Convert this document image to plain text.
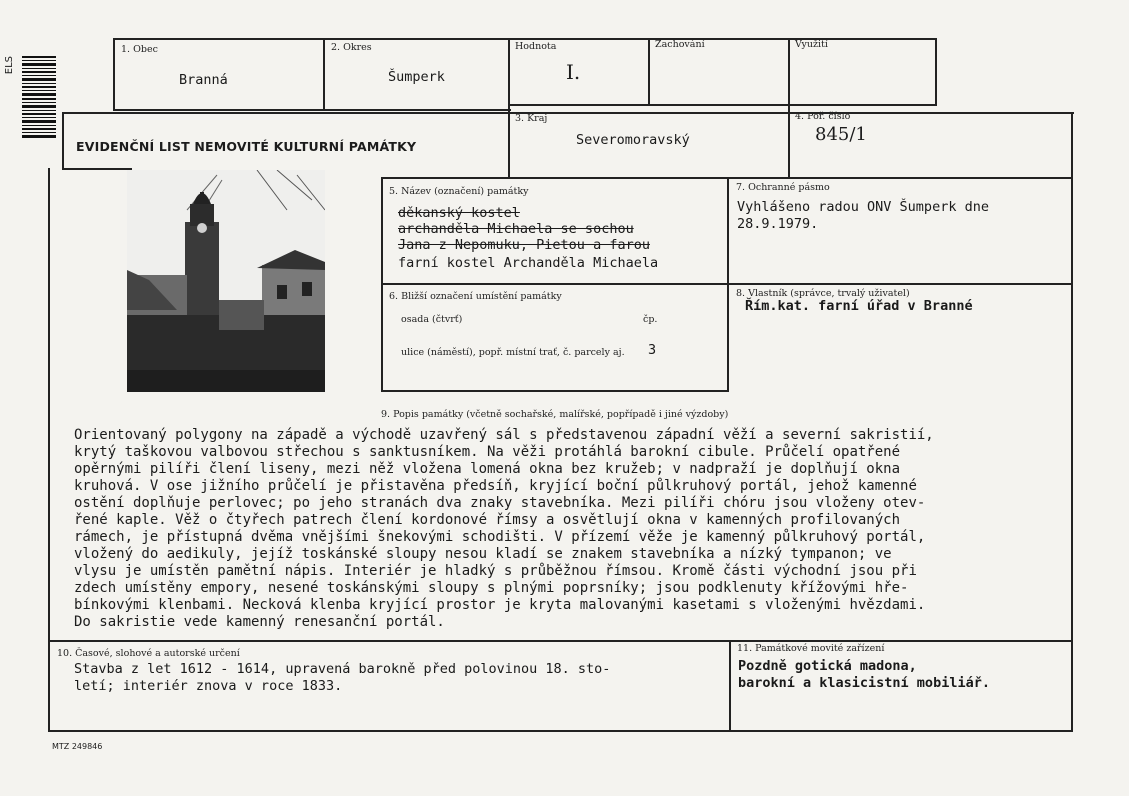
ELS
1. Obec
Branná
2. Okres
Šumperk
Hodnota
I.
Zachování	Využití
EVIDENČNÍ LIST NEMOVITÉ KULTURNÍ PAMÁTKY
3. Kraj
Severomoravský
4. Poř. číslo
845/1
5. Název (označení) památky
děkanský kostel
archanděla Michaela se sochou
Jana z Nepomuku, Pietou a farou
farní kostel Archanděla Michaela
7. Ochranné pásmo
Vyhlášeno radou ONV Šumperk dne
28.9.1979.
6. Bližší označení umístění památky
osada (čtvrť)	čp.
ulice (náměstí), popř. místní trať, č. parcely aj. 3
8. Vlastník (správce, trvalý uživatel)
Řím.kat. farní úřad v Branné
9. Popis památky (včetně sochařské, malířské, popřípadě i jiné výzdoby)
Orientovaný polygony na západě a východě uzavřený sál s představenou západní věží a severní sakristií,
krytý taškovou valbovou střechou s sanktusníkem. Na věži protáhlá barokní cibule. Průčelí opatřené
opěrnými pilíři člení liseny, mezi něž vložena lomená okna bez kružeb; v nadpraží je doplňují okna
kruhová. V ose jižního průčelí je přistavěna předsíň, kryjící boční půlkruhový portál, jehož kamenné
ostění doplňuje perlovec; po jeho stranách dva znaky stavebníka. Mezi pilíři chóru jsou vloženy otev-
řené kaple. Věž o čtyřech patrech člení kordonové římsy a osvětlují okna v kamenných profilovaných
rámech, je přístupná dvěma vnějšími šnekovými schodišti. V přízemí věže je kamenný půlkruhový portál,
vložený do aedikuly, jejíž toskánské sloupy nesou kladí se znakem stavebníka a nízký tympanon; ve
vlysu je umístěn pamětní nápis. Interiér je hladký s průběžnou římsou. Kromě části východní jsou při
zdech umístěny empory, nesené toskánskými sloupy s plnými poprsníky; jsou podklenuty křížovými hře-
bínkovými klenbami. Necková klenba kryjící prostor je kryta malovanými kasetami s vloženými hvězdami.
Do sakristie vede kamenný renesanční portál.
10. Časové, slohové a autorské určení
Stavba z let 1612 - 1614, upravená barokně před polovinou 18. sto-
letí; interiér znova v roce 1833.
11. Památkové movité zařízení
Pozdně gotická madona,
barokní a klasicistní mobiliář.
MTZ 249846
